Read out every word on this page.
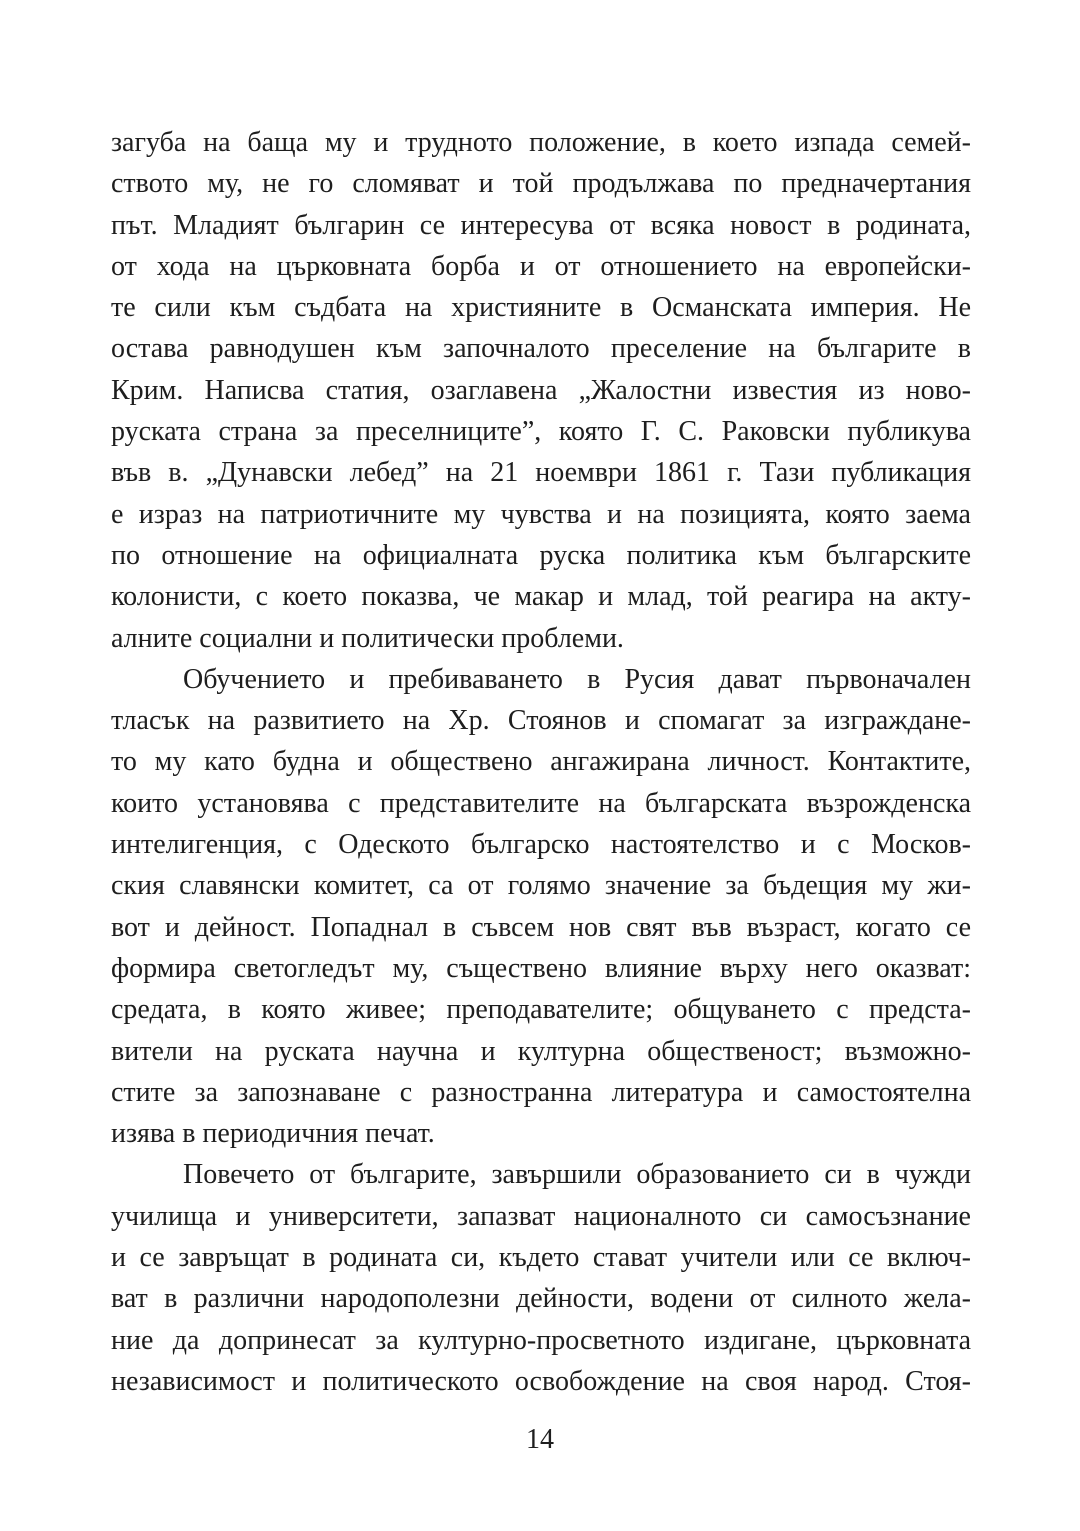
загуба на баща му и трудното положение, в което изпада семей-
ството му, не го сломяват и той продължава по предначертания
път. Младият българин се интересува от всяка новост в родината,
от хода на църковната борба и от отношението на европейски-
те сили към съдбата на християните в Османската империя. Не
остава равнодушен към започналото преселение на българите в
Крим. Написва статия, озаглавена „Жалостни известия из ново-
руската страна за преселниците”, която Г. С. Раковски публикува
във в. „Дунавски лебед” на 21 ноември 1861 г. Тази публикация
е израз на патриотичните му чувства и на позицията, която заема
по отношение на официалната руска политика към българските
колонисти, с което показва, че макар и млад, той реагира на акту-
алните социални и политически проблеми.
Обучението и пребиваването в Русия дават първоначален
тласък на развитието на Хр. Стоянов и спомагат за изграждане-
то му като будна и обществено ангажирана личност. Контактите,
които установява с представителите на българската възрожденска
интелигенция, с Одеското българско настоятелство и с Москов-
ския славянски комитет, са от голямо значение за бъдещия му жи-
вот и дейност. Попаднал в съвсем нов свят във възраст, когато се
формира светогледът му, съществено влияние върху него оказват:
средата, в която живее; преподавателите; общуването с предста-
вители на руската научна и културна общественост; възможно-
стите за запознаване с разностранна литература и самостоятелна
изява в периодичния печат.
Повечето от българите, завършили образованието си в чужди
училища и университети, запазват националното си самосъзнание
и се завръщат в родината си, където стават учители или се включ-
ват в различни народополезни дейности, водени от силното жела-
ние да допринесат за културно-просветното издигане, църковната
независимост и политическото освобождение на своя народ. Стоя-
14
